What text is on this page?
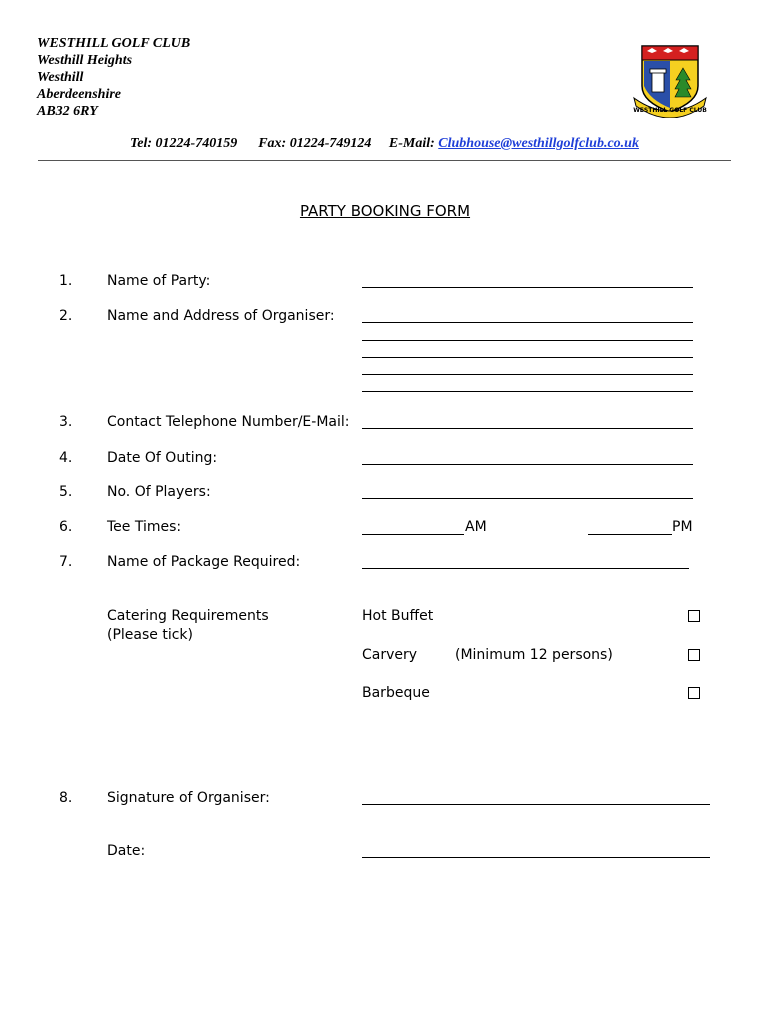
WESTHILL GOLF CLUB
Westhill Heights
Westhill
Aberdeenshire
AB32 6RY	WESTHILL GOLF CLUB
Tel: 01224-740159 Fax: 01224-749124 E-Mail: Clubhouse@westhillgolfclub.co.uk
PARTY BOOKING FORM
1. Name of Party:
2. Name and Address of Organiser:
3. Contact Telephone Number/E-Mail:
4. Date Of Outing:
5. No. Of Players:
6. Tee Times:	AM	PM
7. Name of Package Required:
Catering Requirements
(Please tick)
Hot Buffet
Carvery	(Minimum 12 persons)
Barbeque
8. Signature of Organiser:
Date:
